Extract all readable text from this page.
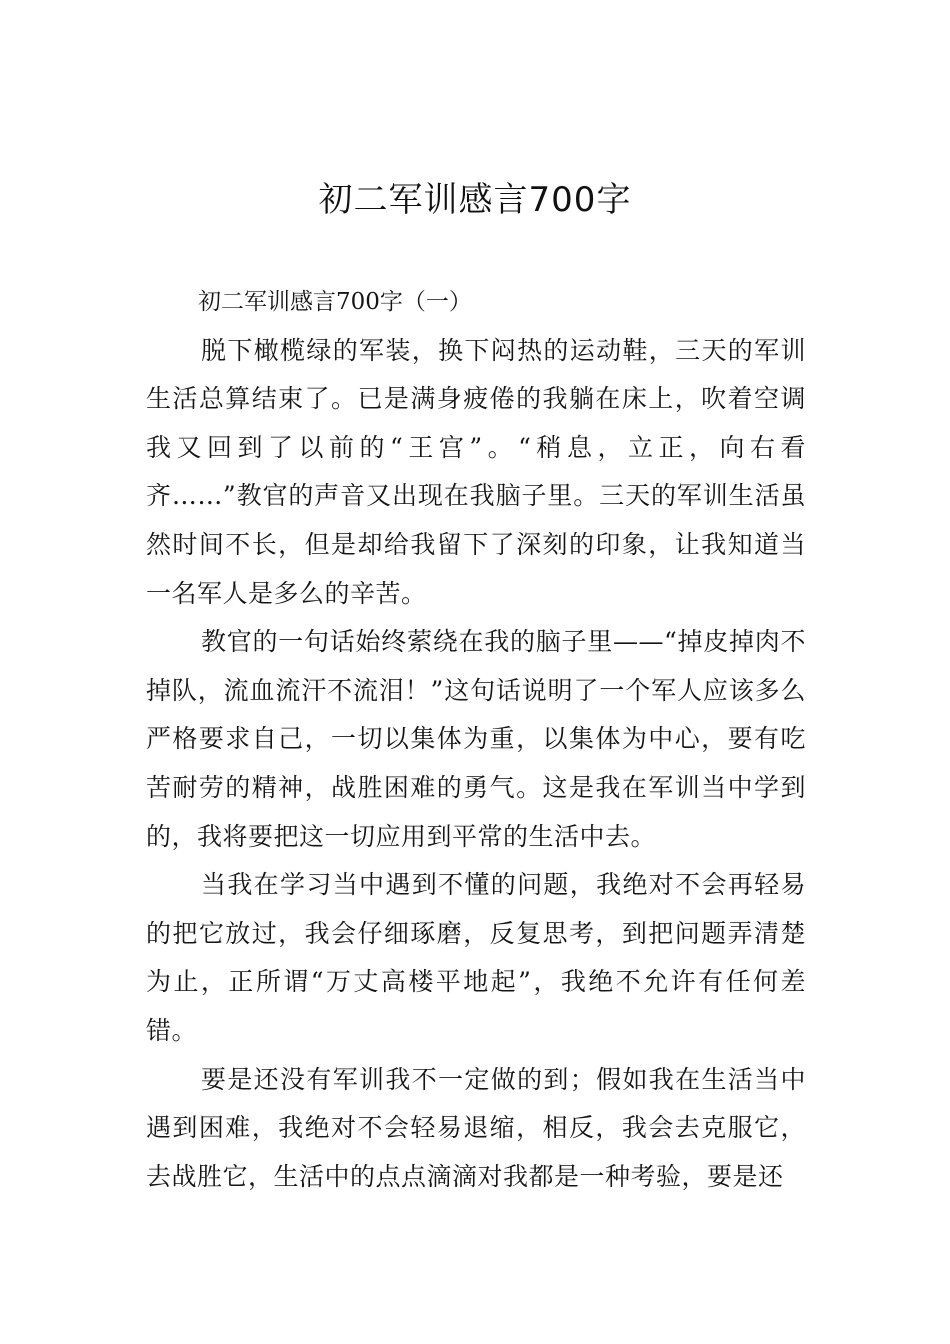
初二军训感言700字

初二军训感言700字（一）

脱下橄榄绿的军装，换下闷热的运动鞋，三天的军训生活总算结束了。已是满身疲倦的我躺在床上，吹着空调我又回到了以前的“王宫”。“稍息，立正，向右看齐……”教官的声音又出现在我脑子里。三天的军训生活虽然时间不长，但是却给我留下了深刻的印象，让我知道当一名军人是多么的辛苦。

教官的一句话始终萦绕在我的脑子里——“掉皮掉肉不掉队，流血流汗不流泪！”这句话说明了一个军人应该多么严格要求自己，一切以集体为重，以集体为中心，要有吃苦耐劳的精神，战胜困难的勇气。这是我在军训当中学到的，我将要把这一切应用到平常的生活中去。

当我在学习当中遇到不懂的问题，我绝对不会再轻易的把它放过，我会仔细琢磨，反复思考，到把问题弄清楚为止，正所谓“万丈高楼平地起”，我绝不允许有任何差错。

要是还没有军训我不一定做的到；假如我在生活当中遇到困难，我绝对不会轻易退缩，相反，我会去克服它，去战胜它，生活中的点点滴滴对我都是一种考验，要是还
